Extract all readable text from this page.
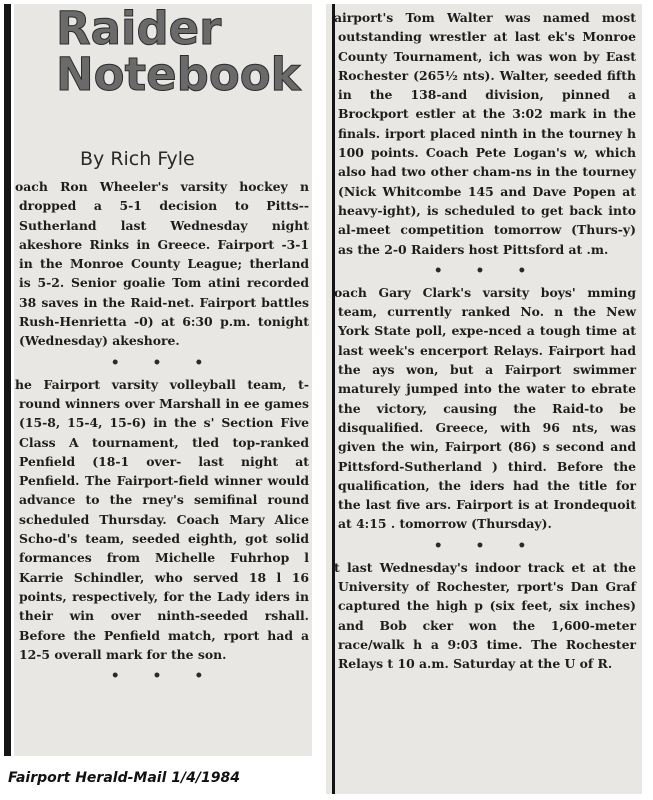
Raider
Notebook
By Rich Fyle

oach Ron Wheeler's varsity hockey n dropped a 5-1 decision to Pitts--Sutherland last Wednesday night akeshore Rinks in Greece. Fairport -3-1 in the Monroe County League; therland is 5-2. Senior goalie Tom atini recorded 38 saves in the Raid-net. Fairport battles Rush-Henrietta -0) at 6:30 p.m. tonight (Wednesday) akeshore.

• • •

he Fairport varsity volleyball team, t-round winners over Marshall in ee games (15-8, 15-4, 15-6) in the s' Section Five Class A tournament, tled top-ranked Penfield (18-1 over- last night at Penfield. The Fairport-field winner would advance to the rney's semifinal round scheduled Thursday. Coach Mary Alice Scho-d's team, seeded eighth, got solid formances from Michelle Fuhrhop l Karrie Schindler, who served 18 l 16 points, respectively, for the Lady iders in their win over ninth-seeded rshall. Before the Penfield match, rport had a 12-5 overall mark for the son.

• • •

airport's Tom Walter was named most outstanding wrestler at last ek's Monroe County Tournament, ich was won by East Rochester (265½ nts). Walter, seeded fifth in the 138-and division, pinned a Brockport estler at the 3:02 mark in the finals. irport placed ninth in the tourney h 100 points. Coach Pete Logan's w, which also had two other cham-ns in the tourney (Nick Whitcombe 145 and Dave Popen at heavy-ight), is scheduled to get back into al-meet competition tomorrow (Thurs-y) as the 2-0 Raiders host Pittsford at .m.

• • •

oach Gary Clark's varsity boys' mming team, currently ranked No. n the New York State poll, expe-nced a tough time at last week's encerport Relays. Fairport had the ays won, but a Fairport swimmer maturely jumped into the water to ebrate the victory, causing the Raid-to be disqualified. Greece, with 96 nts, was given the win, Fairport (86) s second and Pittsford-Sutherland ) third. Before the qualification, the iders had the title for the last five ars. Fairport is at Irondequoit at 4:15 . tomorrow (Thursday).

• • •

t last Wednesday's indoor track et at the University of Rochester, rport's Dan Graf captured the high p (six feet, six inches) and Bob cker won the 1,600-meter race/walk h a 9:03 time. The Rochester Relays t 10 a.m. Saturday at the U of R.

Fairport Herald-Mail 1/4/1984
